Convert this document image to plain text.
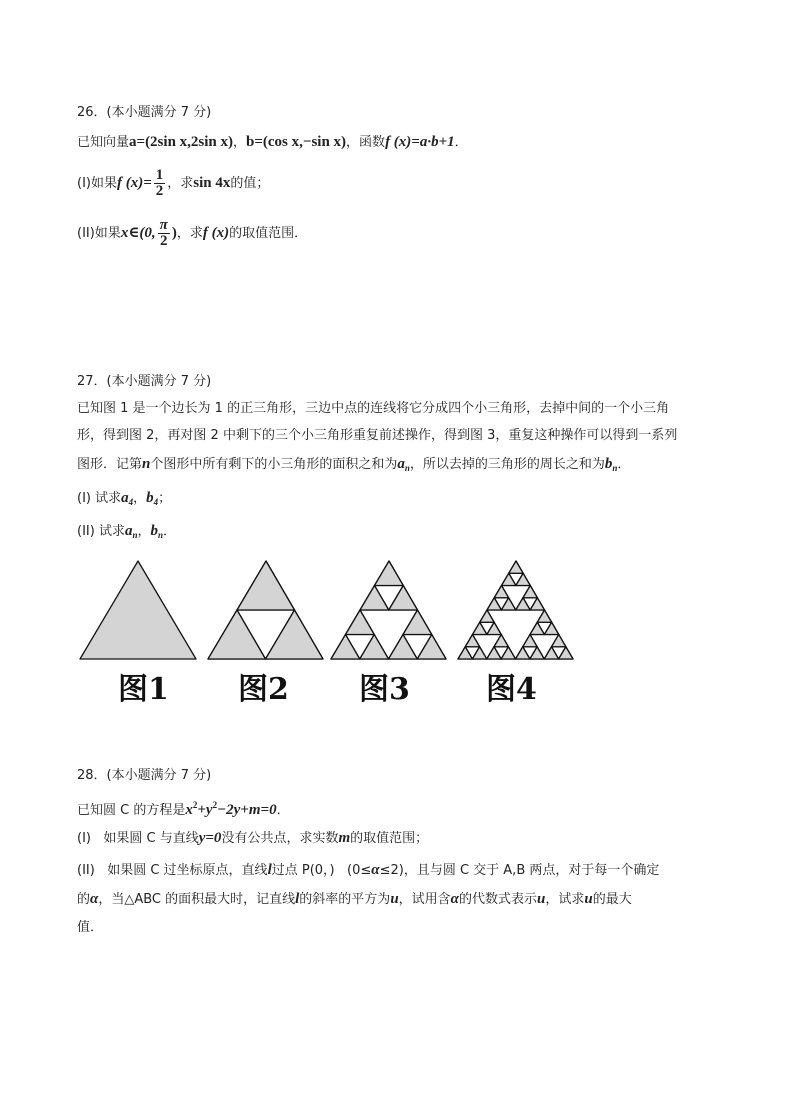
26．(本小题满分 7 分)
已知向量a=(2sin x,2sin x)，b=(cos x,−sin x)，函数f (x)=a·b+1．
(I)如果f $(x)= \frac{1}{2}$ ，求sin 4x的值；
(II)如果x∈(0, $\frac{\pi}{2}$ )，求f (x)的取值范围．
27．(本小题满分 7 分)
已知图 1 是一个边长为 1 的正三角形，三边中点的连线将它分成四个小三角形，去掉中间的一个小三角
形，得到图 2，再对图 2 中剩下的三个小三角形重复前述操作，得到图 3，重复这种操作可以得到一系列
图形．记第n个图形中所有剩下的小三角形的面积之和为$a_n$，所以去掉的三角形的周长之和为$b_n$．
(I) 试求$a_4$，$b_4$；
(II) 试求$a_n$，$b_n$．
图1 图2 图3	图4
28．(本小题满分 7 分)
已知圆 C 的方程是$x^2+y^2-2y+m=0$．
(I)   如果圆 C 与直线y=0没有公共点，求实数m的取值范围；
(II)   如果圆 C 过坐标原点，直线l过点 P(0，)   (0≤α≤2)，且与圆 C 交于 A,B 两点，对于每一个确定
的α，当△ABC 的面积最大时，记直线l的斜率的平方为u，试用含α的代数式表示u，试求u的最大
值．
